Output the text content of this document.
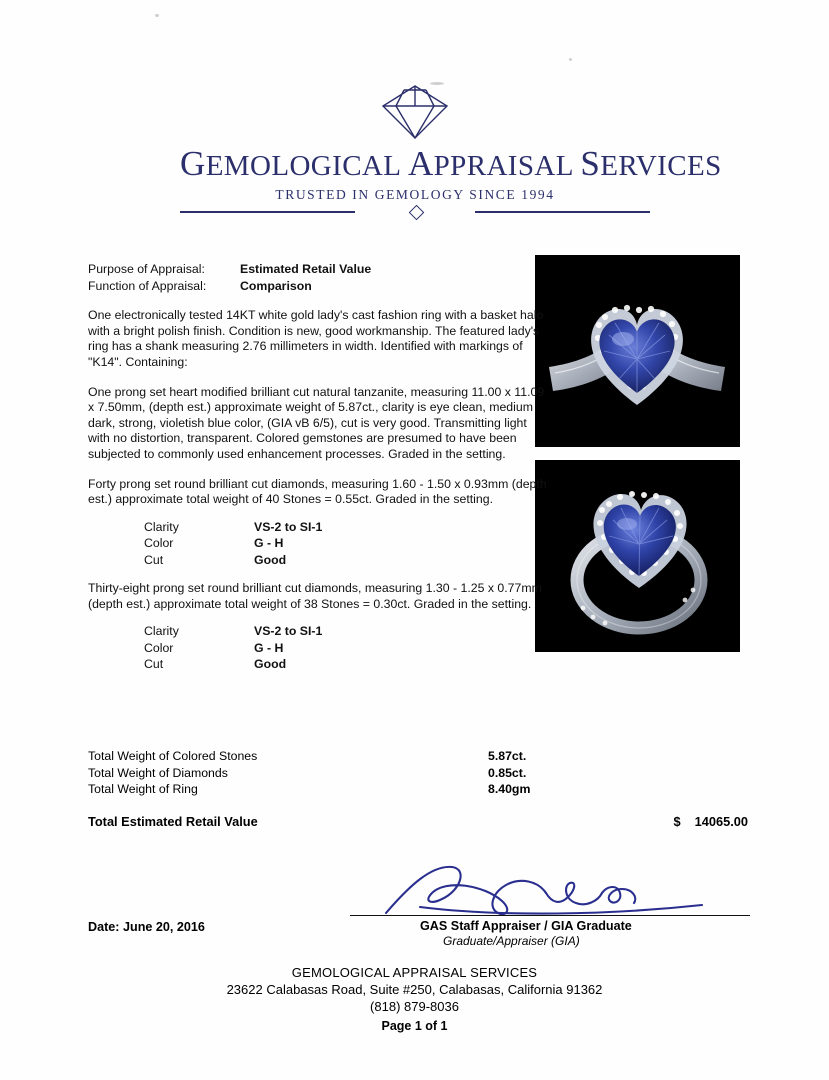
GEMOLOGICAL APPRAISAL SERVICES
TRUSTED IN GEMOLOGY SINCE 1994
Purpose of Appraisal:	Estimated Retail Value
Function of Appraisal:	Comparison
One electronically tested 14KT white gold lady's cast fashion ring with a basket halo with a bright polish finish. Condition is new, good workmanship. The featured lady's ring has a shank measuring 2.76 millimeters in width. Identified with markings of "K14". Containing:
One prong set heart modified brilliant cut natural tanzanite, measuring 11.00 x 11.09 x 7.50mm, (depth est.) approximate weight of 5.87ct., clarity is eye clean, medium dark, strong, violetish blue color, (GIA vB 6/5), cut is very good. Transmitting light with no distortion, transparent. Colored gemstones are presumed to have been subjected to commonly used enhancement processes. Graded in the setting.
Forty prong set round brilliant cut diamonds, measuring 1.60 - 1.50 x 0.93mm (depth est.) approximate total weight of 40 Stones = 0.55ct. Graded in the setting.
Clarity	VS-2 to SI-1
Color	G - H
Cut	Good
Thirty-eight prong set round brilliant cut diamonds, measuring 1.30 - 1.25 x 0.77mm (depth est.) approximate total weight of 38 Stones = 0.30ct. Graded in the setting.
Clarity	VS-2 to SI-1
Color	G - H
Cut	Good
Total Weight of Colored Stones	5.87ct.
Total Weight of Diamonds	0.85ct.
Total Weight of Ring	8.40gm
Total Estimated Retail Value	$ 14065.00
Date: June 20, 2016	GAS Staff Appraiser / GIA Graduate
Graduate/Appraiser (GIA)
GEMOLOGICAL APPRAISAL SERVICES
23622 Calabasas Road, Suite #250, Calabasas, California 91362
(818) 879-8036
Page 1 of 1
